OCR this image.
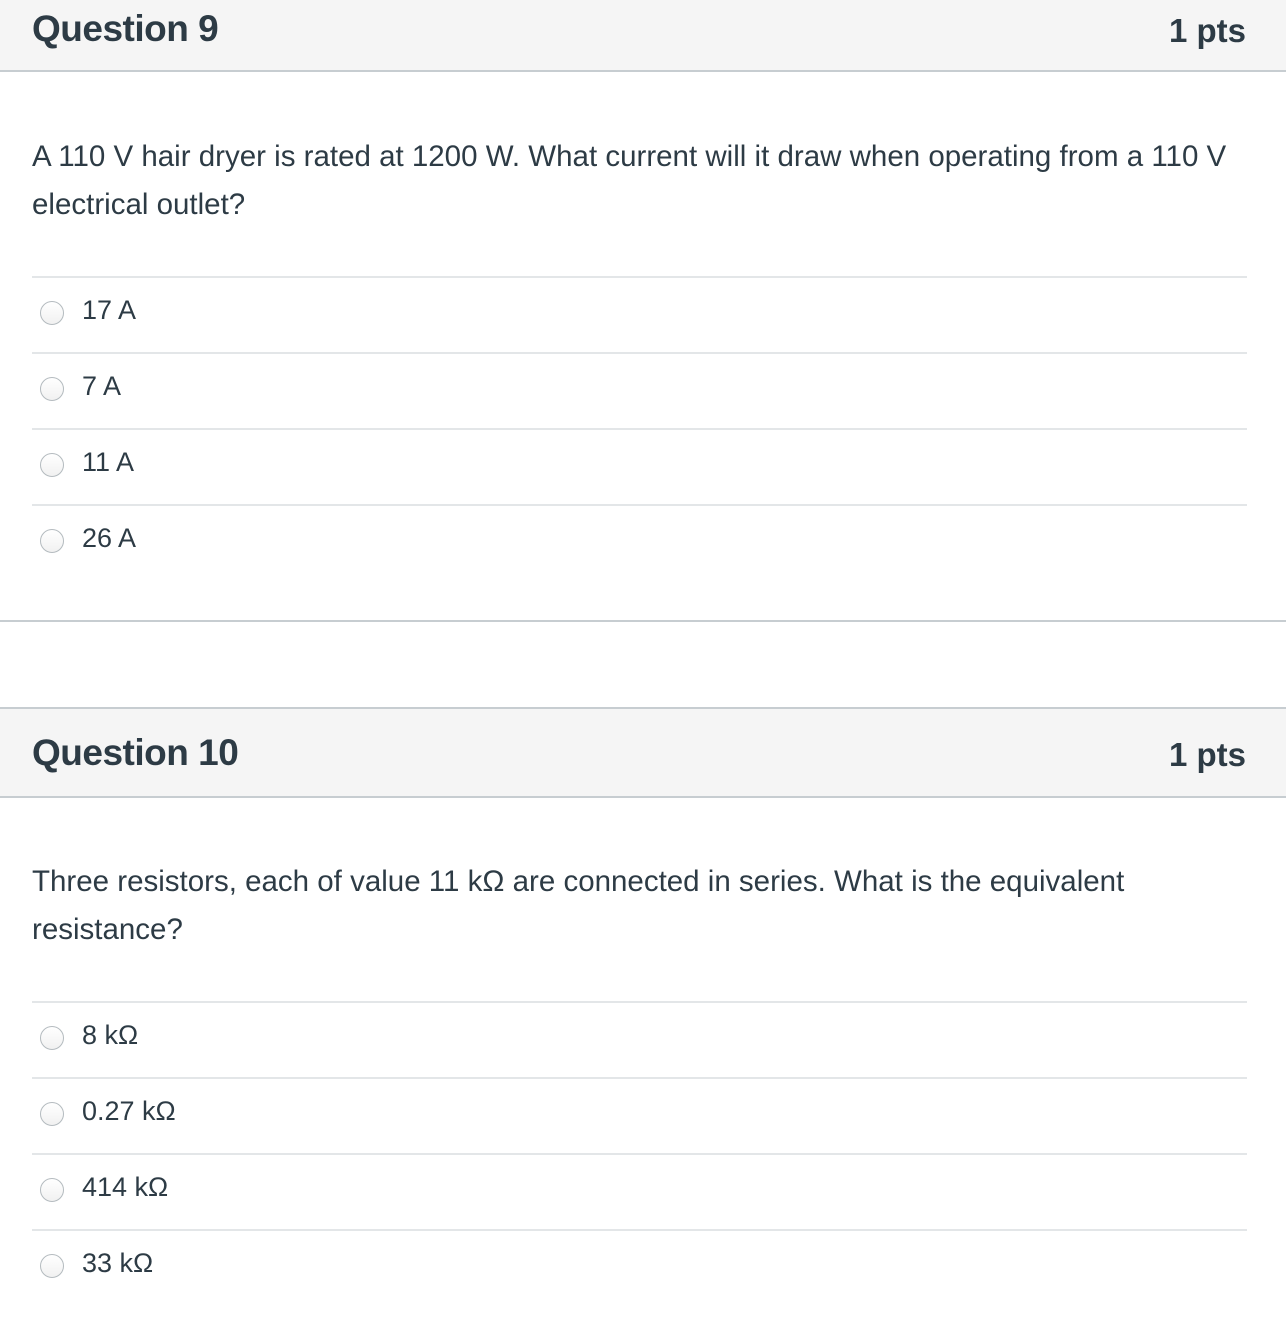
Question 9	1 pts
A 110 V hair dryer is rated at 1200 W. What current will it draw when operating from a 110 V electrical outlet?
17 A
7 A
11 A
26 A
Question 10	1 pts
Three resistors, each of value 11 kΩ are connected in series. What is the equivalent resistance?
8 kΩ
0.27 kΩ
414 kΩ
33 kΩ
